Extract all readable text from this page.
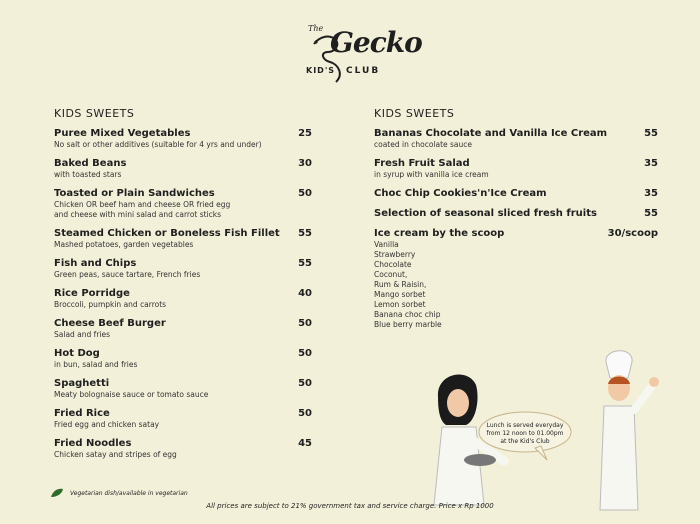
The Gecko
KID'S CLUB
KIDS SWEETS
Puree Mixed Vegetables	25
No salt or other additives (suitable for 4 yrs and under)
Baked Beans	30
with toasted stars
Toasted or Plain Sandwiches	50
Chicken OR beef ham and cheese OR fried egg
and cheese with mini salad and carrot sticks
Steamed Chicken or Boneless Fish Fillet 55
Mashed potatoes, garden vegetables
Fish and Chips	55
Green peas, sauce tartare, French fries
Rice Porridge	40
Broccoli, pumpkin and carrots
Cheese Beef Burger	50
Salad and fries
Hot Dog	50
in bun, salad and fries
Spaghetti	50
Meaty bolognaise sauce or tomato sauce
Fried Rice	50
Fried egg and chicken satay
Fried Noodles	45
Chicken satay and stripes of egg
KIDS SWEETS
Bananas Chocolate and Vanilla Ice Cream	55
coated in chocolate sauce
Fresh Fruit Salad	35
in syrup with vanilla ice cream
Choc Chip Cookies'n'Ice Cream	35
Selection of seasonal sliced fresh fruits	55
Ice cream by the scoop	30/scoop
Vanilla
Strawberry
Chocolate
Coconut,
Rum & Raisin,
Mango sorbet
Lemon sorbet
Banana choc chip
Blue berry marble
Lunch is served everyday
from 12 noon to 01.00pm
at the Kid's Club
Vegetarian dish/available in vegetarian
All prices are subject to 21% government tax and service charge. Price x Rp 1000
